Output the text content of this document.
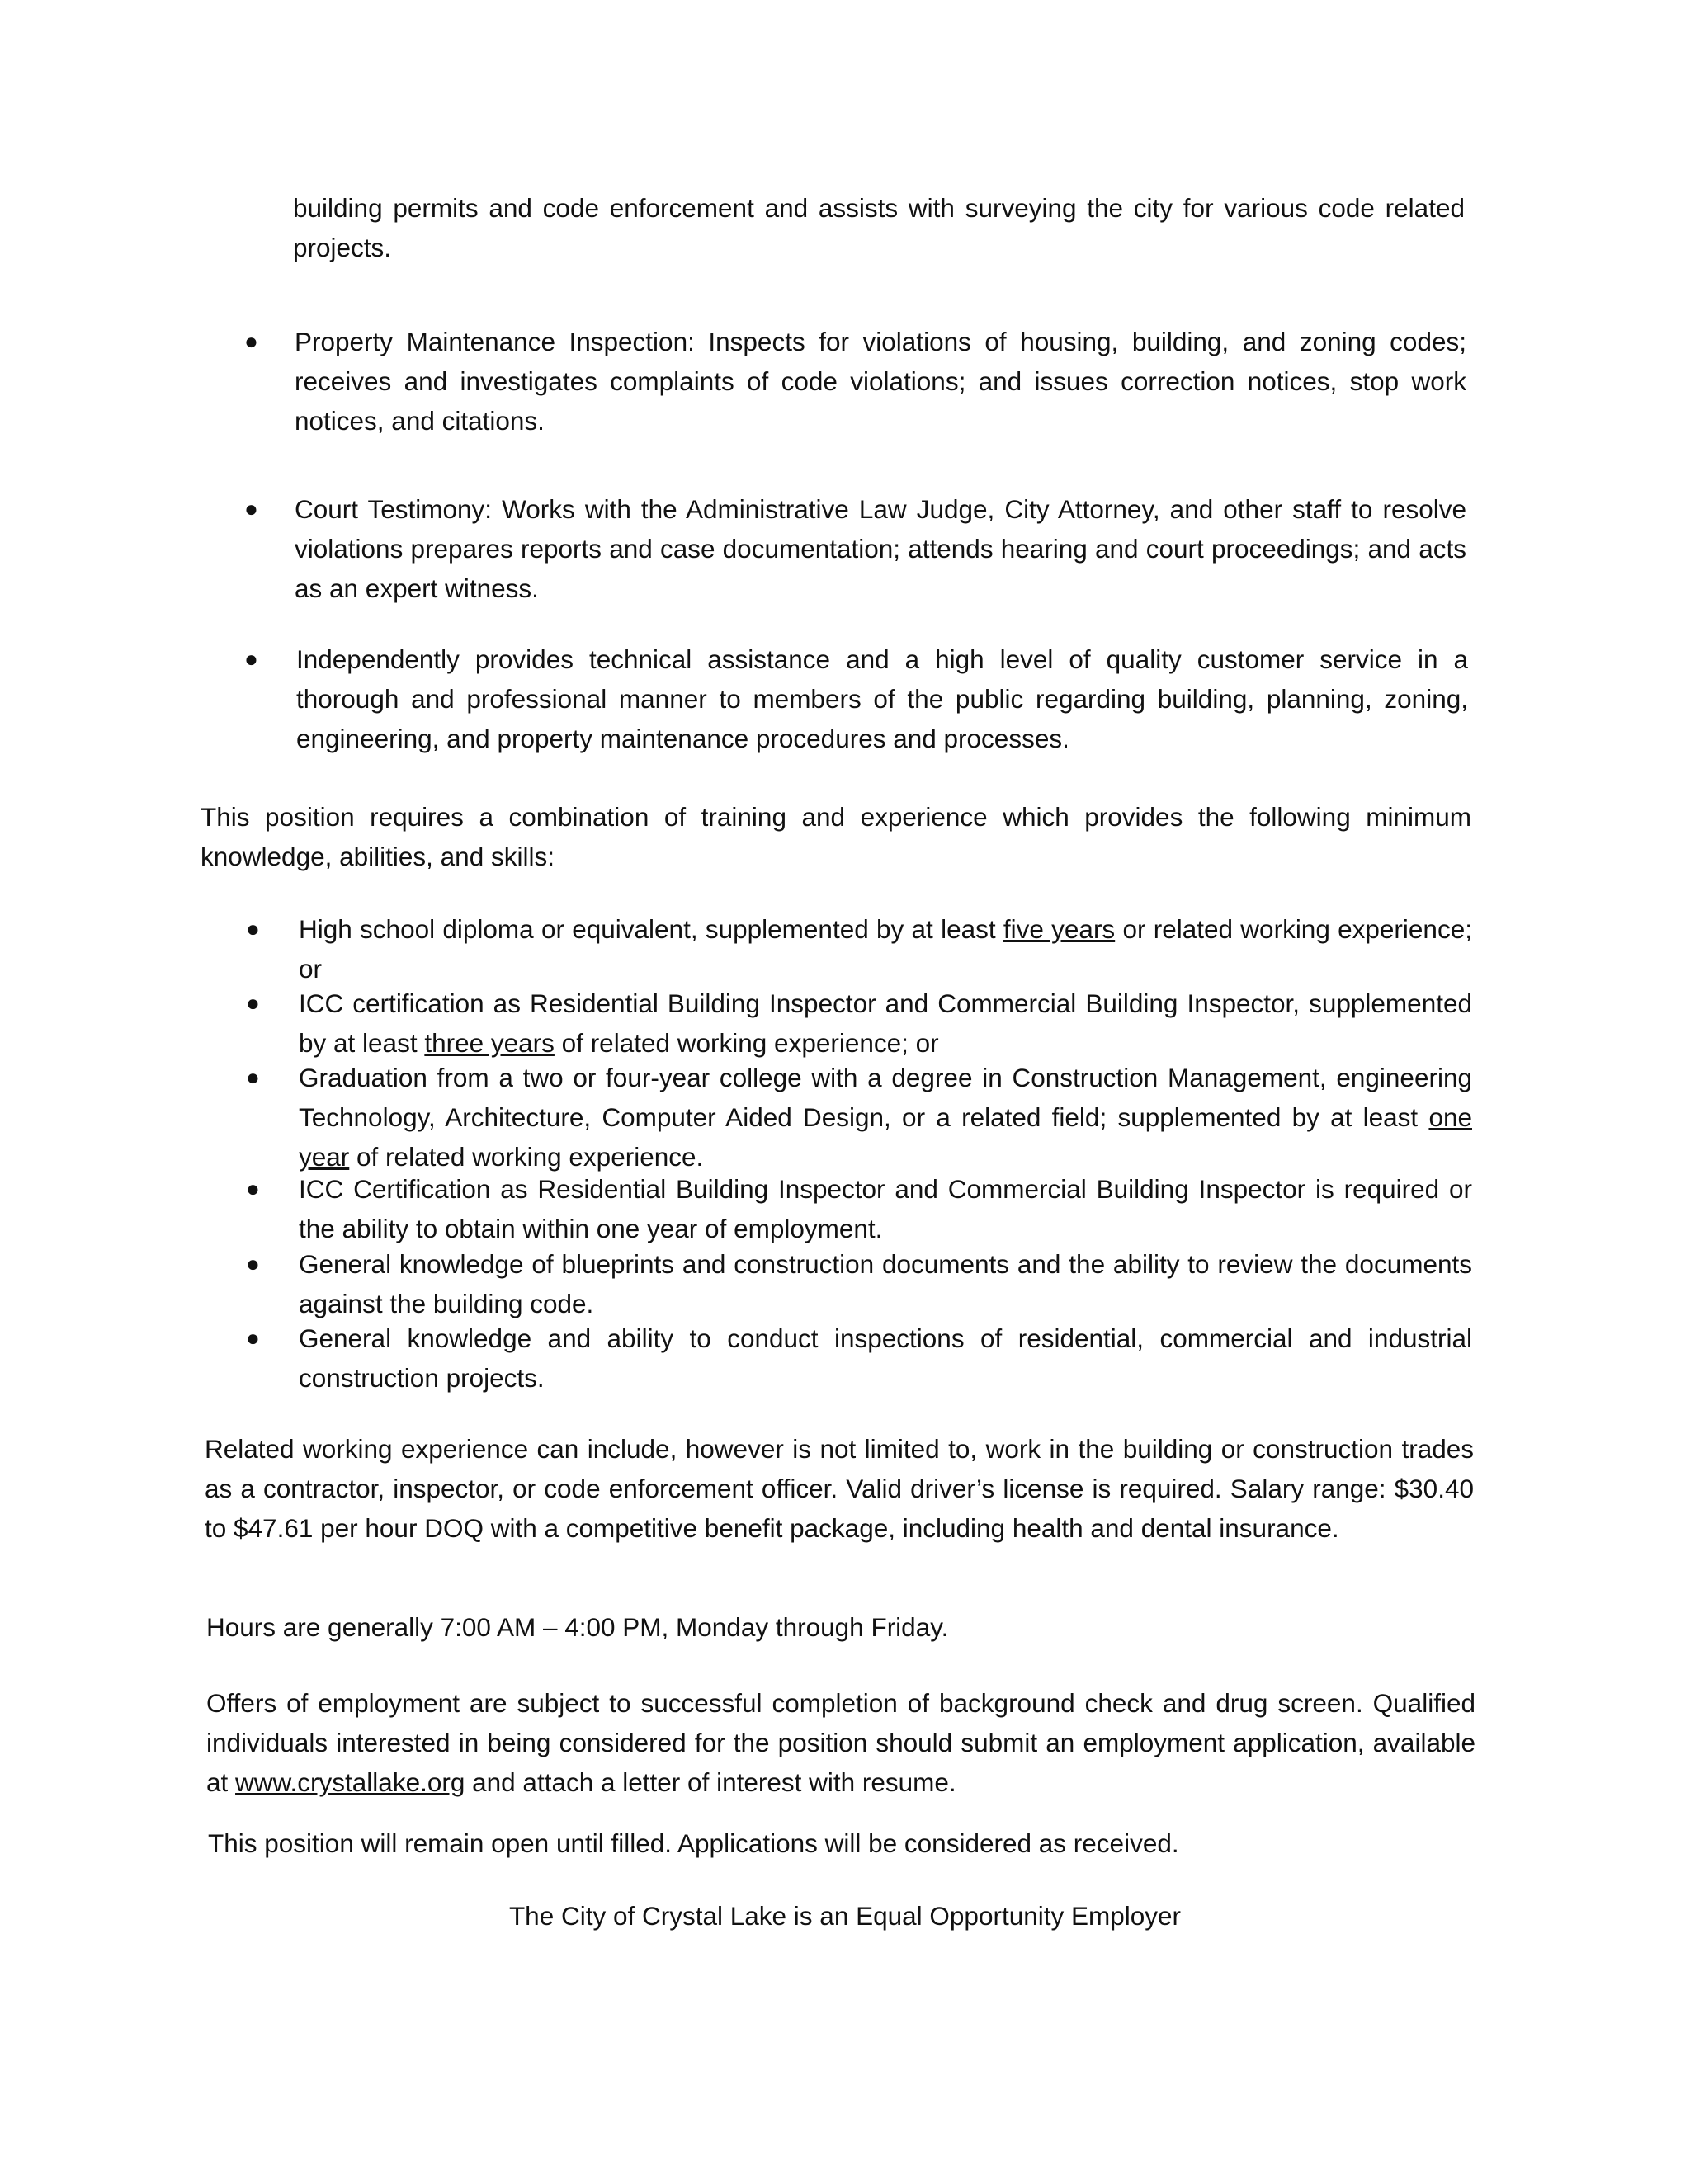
building permits and code enforcement and assists with surveying the city for various code related projects.

● Property Maintenance Inspection: Inspects for violations of housing, building, and zoning codes; receives and investigates complaints of code violations; and issues correction notices, stop work notices, and citations.

● Court Testimony: Works with the Administrative Law Judge, City Attorney, and other staff to resolve violations prepares reports and case documentation; attends hearing and court proceedings; and acts as an expert witness.

● Independently provides technical assistance and a high level of quality customer service in a thorough and professional manner to members of the public regarding building, planning, zoning, engineering, and property maintenance procedures and processes.

This position requires a combination of training and experience which provides the following minimum knowledge, abilities, and skills:

● High school diploma or equivalent, supplemented by at least five years or related working experience; or

● ICC certification as Residential Building Inspector and Commercial Building Inspector, supplemented by at least three years of related working experience; or

● Graduation from a two or four-year college with a degree in Construction Management, engineering Technology, Architecture, Computer Aided Design, or a related field; supplemented by at least one year of related working experience.

● ICC Certification as Residential Building Inspector and Commercial Building Inspector is required or the ability to obtain within one year of employment.

● General knowledge of blueprints and construction documents and the ability to review the documents against the building code.

● General knowledge and ability to conduct inspections of residential, commercial and industrial construction projects.

Related working experience can include, however is not limited to, work in the building or construction trades as a contractor, inspector, or code enforcement officer. Valid driver’s license is required. Salary range: $30.40 to $47.61 per hour DOQ with a competitive benefit package, including health and dental insurance.

Hours are generally 7:00 AM – 4:00 PM, Monday through Friday.

Offers of employment are subject to successful completion of background check and drug screen. Qualified individuals interested in being considered for the position should submit an employment application, available at www.crystallake.org and attach a letter of interest with resume.

This position will remain open until filled. Applications will be considered as received.

The City of Crystal Lake is an Equal Opportunity Employer
